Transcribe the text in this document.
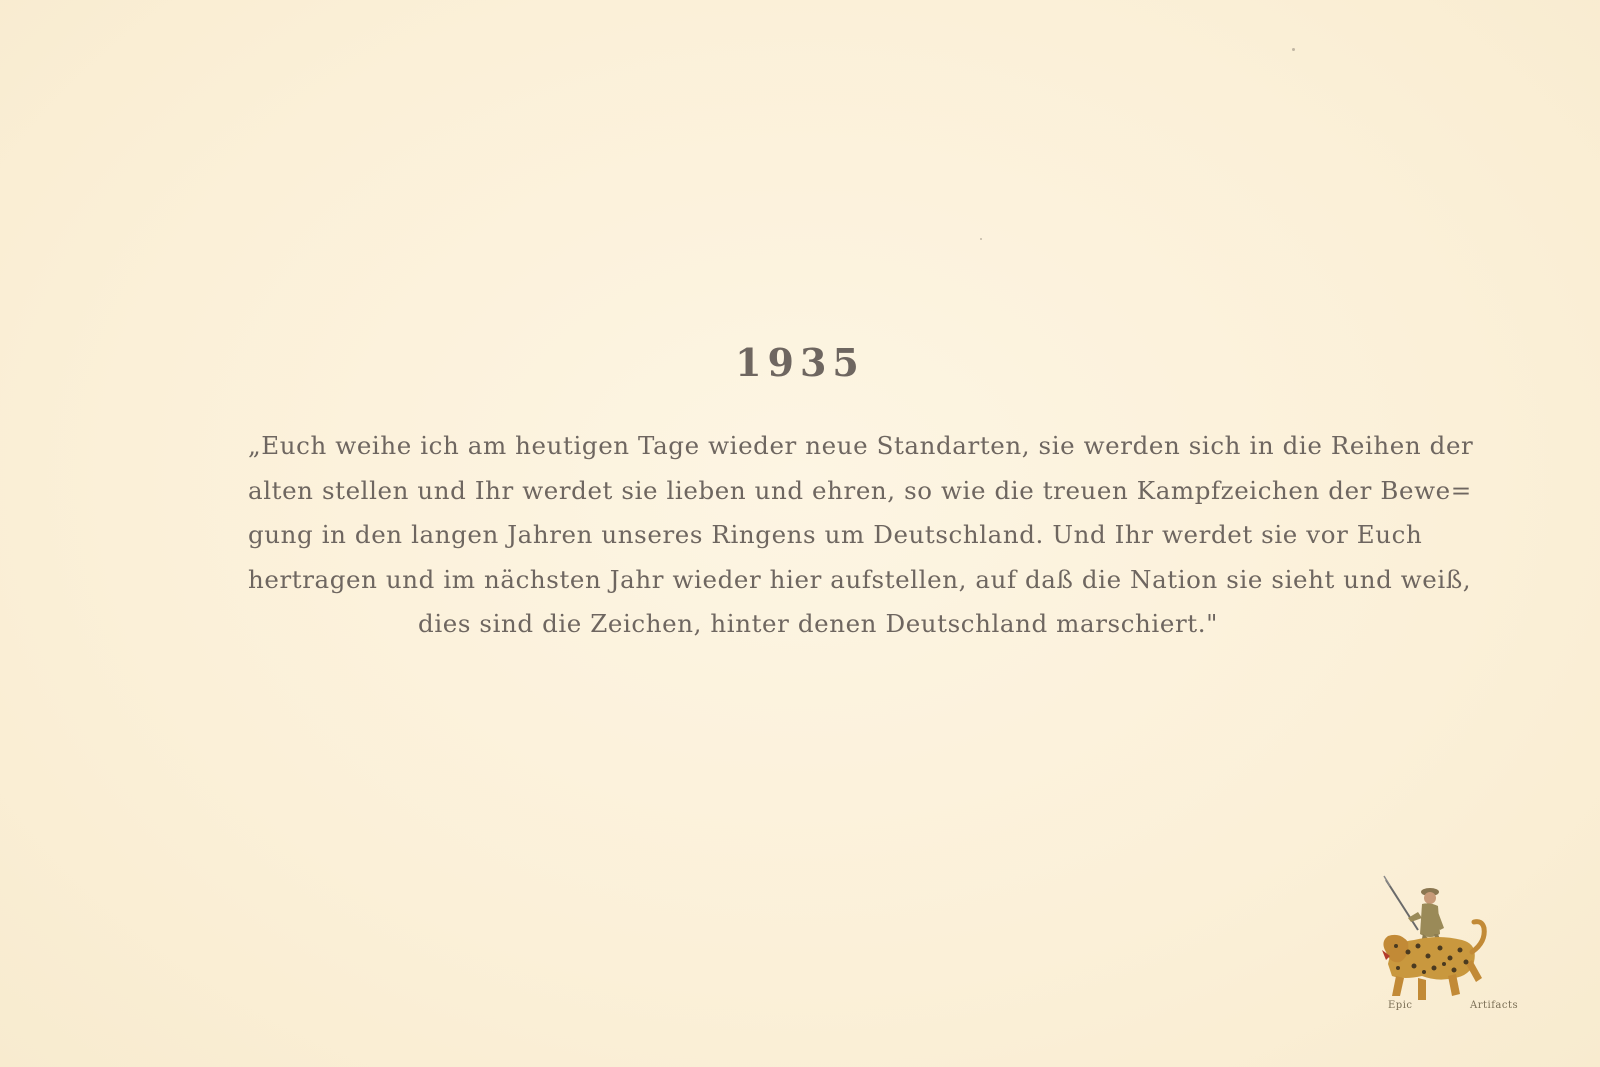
1935
„Euch weihe ich am heutigen Tage wieder neue Standarten, sie werden sich in die Reihen der
alten stellen und Ihr werdet sie lieben und ehren, so wie die treuen Kampfzeichen der Bewe=
gung in den langen Jahren unseres Ringens um Deutschland. Und Ihr werdet sie vor Euch
hertragen und im nächsten Jahr wieder hier aufstellen, auf daß die Nation sie sieht und weiß,
dies sind die Zeichen, hinter denen Deutschland marschiert."
Epic	Artifacts
